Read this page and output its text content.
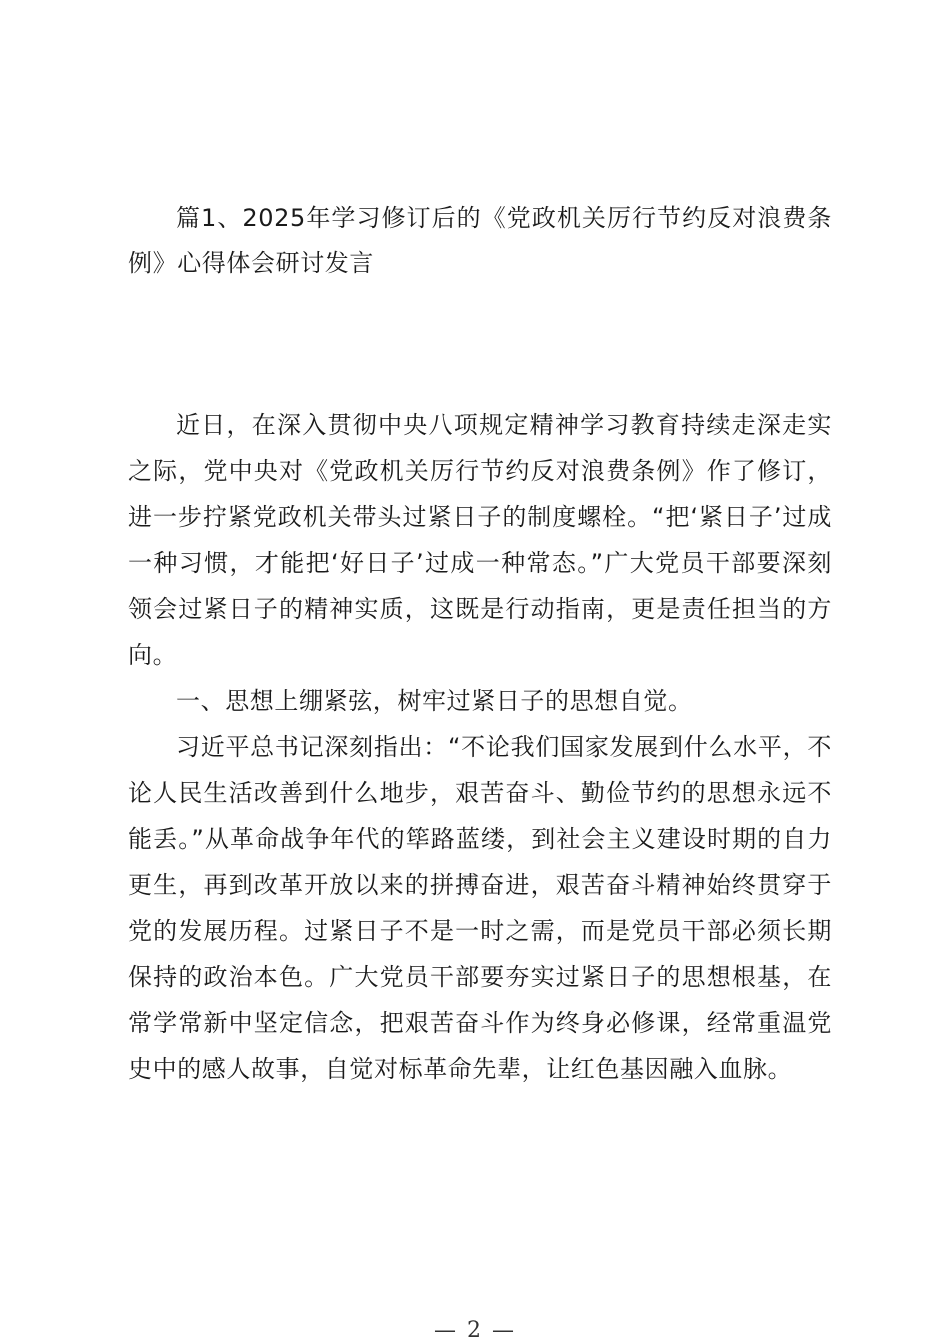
篇1、2025年学习修订后的《党政机关厉行节约反对浪费条例》心得体会研讨发言

近日，在深入贯彻中央八项规定精神学习教育持续走深走实之际，党中央对《党政机关厉行节约反对浪费条例》作了修订，进一步拧紧党政机关带头过紧日子的制度螺栓。“把‘紧日子’过成一种习惯，才能把‘好日子’过成一种常态。”广大党员干部要深刻领会过紧日子的精神实质，这既是行动指南，更是责任担当的方向。

一、思想上绷紧弦，树牢过紧日子的思想自觉。

习近平总书记深刻指出：“不论我们国家发展到什么水平，不论人民生活改善到什么地步，艰苦奋斗、勤俭节约的思想永远不能丢。”从革命战争年代的筚路蓝缕，到社会主义建设时期的自力更生，再到改革开放以来的拼搏奋进，艰苦奋斗精神始终贯穿于党的发展历程。过紧日子不是一时之需，而是党员干部必须长期保持的政治本色。广大党员干部要夯实过紧日子的思想根基，在常学常新中坚定信念，把艰苦奋斗作为终身必修课，经常重温党史中的感人故事，自觉对标革命先辈，让红色基因融入血脉。

— 2 —
